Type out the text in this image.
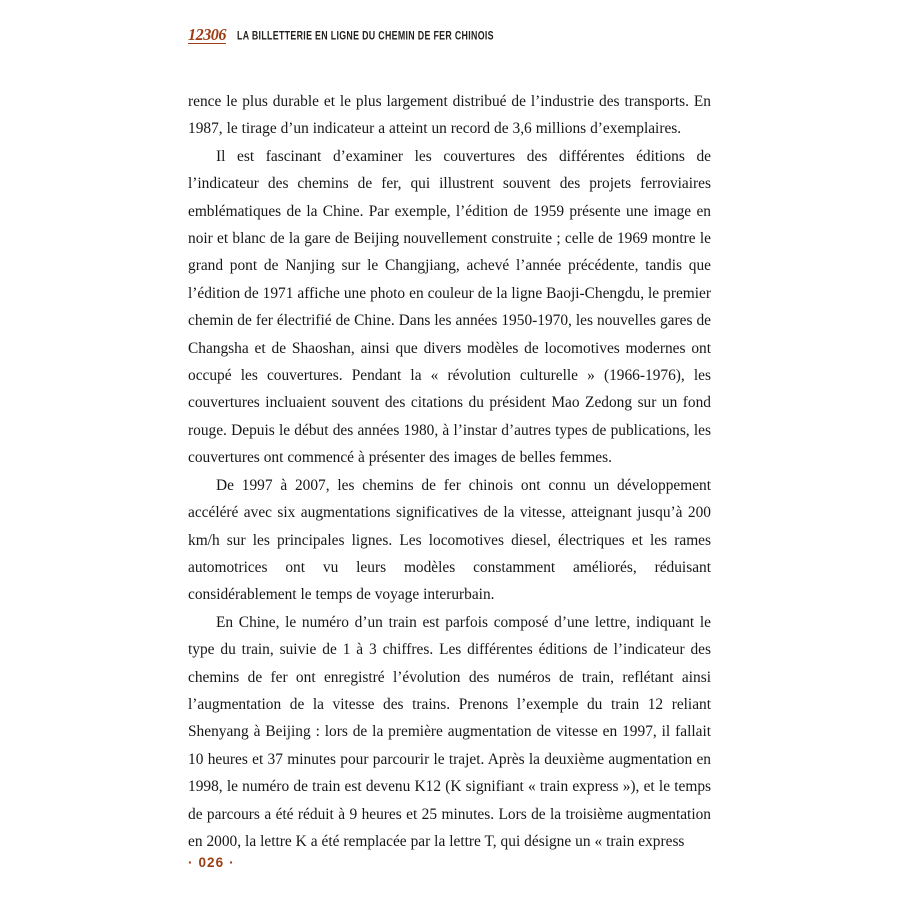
12306 LA BILLETTERIE EN LIGNE DU CHEMIN DE FER CHINOIS

rence le plus durable et le plus largement distribué de l’industrie des transports. En 1987, le tirage d’un indicateur a atteint un record de 3,6 millions d’exemplaires.

Il est fascinant d’examiner les couvertures des différentes éditions de l’indicateur des chemins de fer, qui illustrent souvent des projets ferroviaires emblématiques de la Chine. Par exemple, l’édition de 1959 présente une image en noir et blanc de la gare de Beijing nouvellement construite ; celle de 1969 montre le grand pont de Nanjing sur le Changjiang, achevé l’année précédente, tandis que l’édition de 1971 affiche une photo en couleur de la ligne Baoji-Chengdu, le premier chemin de fer électrifié de Chine. Dans les années 1950-1970, les nouvelles gares de Changsha et de Shaoshan, ainsi que divers modèles de locomotives modernes ont occupé les couvertures. Pendant la « révolution culturelle » (1966-1976), les couvertures incluaient souvent des citations du président Mao Zedong sur un fond rouge. Depuis le début des années 1980, à l’instar d’autres types de publications, les couvertures ont commencé à présenter des images de belles femmes.

De 1997 à 2007, les chemins de fer chinois ont connu un développement accéléré avec six augmentations significatives de la vitesse, atteignant jusqu’à 200 km/h sur les principales lignes. Les locomotives diesel, électriques et les rames automotrices ont vu leurs modèles constamment améliorés, réduisant considérablement le temps de voyage interurbain.

En Chine, le numéro d’un train est parfois composé d’une lettre, indiquant le type du train, suivie de 1 à 3 chiffres. Les différentes éditions de l’indicateur des chemins de fer ont enregistré l’évolution des numéros de train, reflétant ainsi l’augmentation de la vitesse des trains. Prenons l’exemple du train 12 reliant Shenyang à Beijing : lors de la première augmentation de vitesse en 1997, il fallait 10 heures et 37 minutes pour parcourir le trajet. Après la deuxième augmentation en 1998, le numéro de train est devenu K12 (K signifiant « train express »), et le temps de parcours a été réduit à 9 heures et 25 minutes. Lors de la troisième augmentation en 2000, la lettre K a été remplacée par la lettre T, qui désigne un « train express

· 026 ·
